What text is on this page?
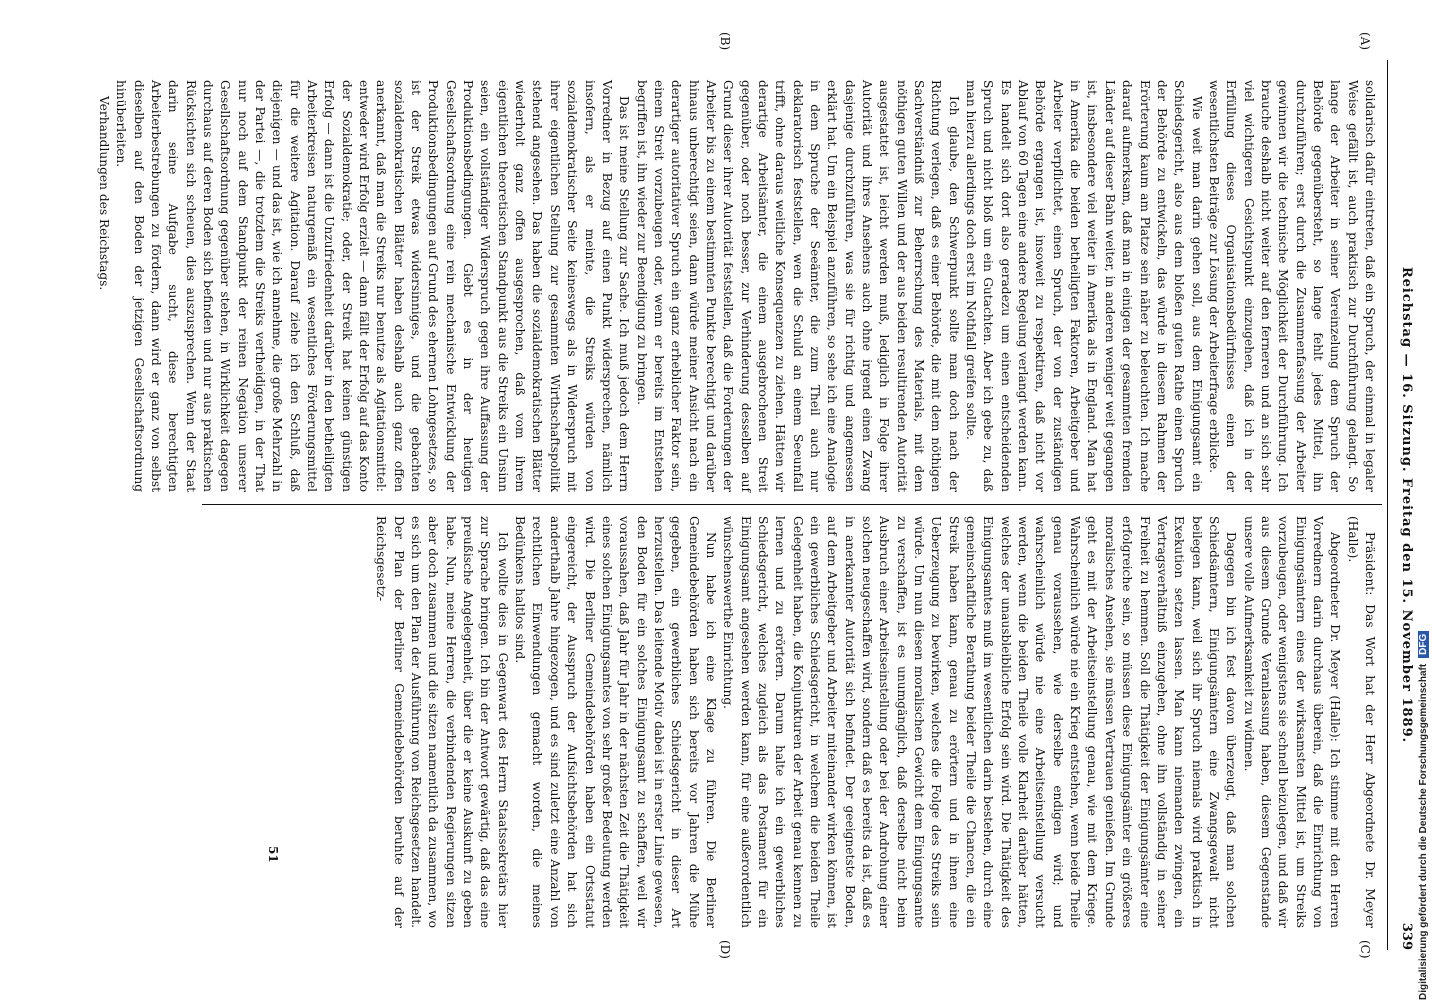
Reichstag — 16. Sitzung. Freitag den 15. November 1889.
339
(A)
(B)
(C)
(D)

solidarisch dafür eintreten, daß ein Spruch, der einmal in legaler Weise gefällt ist, auch praktisch zur Durchführung gelangt. So lange der Arbeiter in seiner Vereinzelung dem Spruch der Behörde gegenübersteht, so lange fehlt jedes Mittel, ihn durchzuführen; erst durch die Zusammenfassung der Arbeiter gewinnen wir die technische Möglichkeit der Durchführung. Ich brauche deshalb nicht weiter auf den ferneren und an sich sehr viel wichtigeren Gesichtspunkt einzugehen, daß ich in der Erfüllung dieses Organisationsbedürfnisses einen der wesentlichsten Beiträge zur Lösung der Arbeiterfrage erblicke.

Wie weit man darin gehen soll, aus dem Einigungsamt ein Schiedsgericht, also aus dem bloßen guten Rathe einen Spruch der Behörde zu entwickeln, das würde in diesem Rahmen der Erörterung kaum am Platze sein näher zu beleuchten. Ich mache darauf aufmerksam, daß man in einigen der gesammten fremden Länder auf dieser Bahn weiter, in anderen weniger weit gegangen ist, insbesondere viel weiter in Amerika als in England. Man hat in Amerika die beiden betheiligten Faktoren, Arbeitgeber und Arbeiter verpflichtet, einen Spruch, der von der zuständigen Behörde ergangen ist, insoweit zu respektiren, daß nicht vor Ablauf von 60 Tagen eine andere Regelung verlangt werden kann. Es handelt sich dort also geradezu um einen entscheidenden Spruch und nicht bloß um ein Gutachten. Aber ich gebe zu, daß man hierzu allerdings doch erst im Nothfall greifen sollte.

Ich glaube, den Schwerpunkt sollte man doch nach der Richtung verlegen, daß es einer Behörde, die mit dem nöthigen Sachverständniß zur Beherrschung des Materials, mit dem nöthigen guten Willen und der aus beiden resultirenden Autorität ausgestattet ist, leicht werden muß, lediglich in Folge ihrer Autorität und ihres Ansehens auch ohne irgend einen Zwang dasjenige durchzuführen, was sie für richtig und angemessen erklärt hat. Um ein Beispiel anzuführen, so sehe ich eine Analogie in dem Spruche der Seeämter, die zum Theil auch nur deklaratorisch feststellen, wen die Schuld an einem Seeunfall trifft, ohne daraus weitliche Konsequenzen zu ziehen. Hätten wir derartige Arbeitsämter, die einem ausgebrochenen Streit gegenüber, oder noch besser, zur Verhinderung desselben auf Grund dieser ihrer Autorität feststellen, daß die Forderungen der Arbeiter bis zu einem bestimmten Punkte berechtigt und darüber hinaus unberechtigt seien, dann würde meiner Ansicht nach ein derartiger autoritativer Spruch ein ganz erheblicher Faktor sein, einem Streit vorzubeugen oder, wenn er bereits im Entstehen begriffen ist, ihn wieder zur Beendigung zu bringen.

Das ist meine Stellung zur Sache. Ich muß jedoch dem Herrn Vorredner in Bezug auf einen Punkt widersprechen, nämlich insofern, als er meinte, die Streiks würden von sozialdemokratischer Seite keineswegs als in Widerspruch mit ihrer eigentlichen Stellung zur gesammten Wirthschaftspolitik stehend angesehen. Das haben die sozialdemokratischen Blätter wiederholt ganz offen ausgesprochen, daß vom ihrem eigentlichen theoretischen Standpunkt aus die Streiks ein Unsinn seien, ein vollständiger Widerspruch gegen ihre Auffassung der Produktionsbedingungen. Giebt es in der heutigen Gesellschaftsordnung eine rein mechanische Entwicklung der Produktionsbedingungen auf Grund des ehernen Lohngesetzes, so ist der Streik etwas widersinniges, und die gebachten sozialdemokratischen Blätter haben deshalb auch ganz offen anerkannt, daß man die Streiks nur benutze als Agitationsmittel: entweder wird Erfolg erzielt — dann fällt der Erfolg auf das Konto der Sozialdemokratie; oder, der Streik hat keinen günstigen Erfolg — dann ist die Unzufriedenheit darüber in den betheiligten Arbeiterkreisen naturgemäß ein wesentliches Förderungsmittel für die weitere Agitation. Darauf ziehe ich den Schluß, daß diejenigen — und das ist, wie ich annehme, die große Mehrzahl in der Partei —, die trotzdem die Streiks vertheidigen, in der That nur noch auf dem Standpunkt der reinen Negation unserer Gesellschaftsordnung gegenüber stehen, in Wirklichkeit dagegen durchaus auf deren Boden sich befinden und nur aus praktischen Rücksichten sich scheuen, dies auszusprechen. Wenn der Staat darin seine Aufgabe sucht, diese berechtigten Arbeiterbestrebungen zu fördern, dann wird er ganz von selbst dieselben auf den Boden der jetzigen Gesellschaftsordnung hinüberleiten.

Verhandlungen des Reichstags.

Präsident: Das Wort hat der Herr Abgeordnete Dr. Meyer (Halle).

Abgeordneter Dr. Meyer (Halle): Ich stimme mit den Herren Vorrednern darin durchaus überein, daß die Einrichtung von Einigungsämtern eines der wirksamsten Mittel ist, um Streiks vorzubeugen, oder wenigstens sie schnell beizulegen, und daß wir aus diesem Grunde Veranlassung haben, diesem Gegenstande unsere volle Aufmerksamkeit zu widmen.

Dagegen bin ich fest davon überzeugt, daß man solchen Schiedsämtern, Einigungsämtern eine Zwangsgewalt nicht beilegen kann, weil sich ihr Spruch niemals wird praktisch in Exekution setzen lassen. Man kann niemanden zwingen, ein Vertragsverhältniß einzugehen, ohne ihn vollständig in seiner Freiheit zu hemmen. Soll die Thätigkeit der Einigungsämter eine erfolgreiche sein, so müssen diese Einigungsämter ein größeres moralisches Ansehen, sie müssen Vertrauen genießen. Im Grunde geht es mit der Arbeitseinstellung genau, wie mit dem Kriege. Wahrscheinlich würde nie ein Krieg entstehen, wenn beide Theile genau voraussehen, wie derselbe endigen wird; und wahrscheinlich würde nie eine Arbeitseinstellung versucht werden, wenn die beiden Theile volle Klarheit darüber hätten, welches der unausbleibliche Erfolg sein wird. Die Thätigkeit des Einigungsamtes muß im wesentlichen darin bestehen, durch eine gemeinschaftliche Berathung beider Theile die Chancen, die ein Streik haben kann, genau zu erörtern und in ihnen eine Ueberzeugung zu bewirken, welches die Folge des Streiks sein würde. Um nun diesen moralischen Gewicht dem Einigungsamte zu verschaffen, ist es unumgänglich, daß derselbe nicht beim Ausbruch einer Arbeitseinstellung oder bei der Androhung einer solchen neugeschaffen wird, sondern daß es bereits da ist, daß es in anerkannter Autorität sich befindet. Der geeignetste Boden, auf dem Arbeitgeber und Arbeiter miteinander wirken können, ist ein gewerbliches Schiedsgericht, in welchem die beiden Theile Gelegenheit haben, die Konjunkturen der Arbeit genau kennen zu lernen und zu erörtern. Darum halte ich ein gewerbliches Schiedsgericht, welches zugleich als das Postament für ein Einigungsamt angesehen werden kann, für eine außerordentlich wünschenswerthe Einrichtung.

Nun habe ich eine Klage zu führen. Die Berliner Gemeindebehörden haben sich bereits vor Jahren die Mühe gegeben, ein gewerbliches Schiedsgericht in dieser Art herzustellen. Das leitende Motiv dabei ist in erster Linie gewesen, den Boden für ein solches Einigungsamt zu schaffen, weil wir voraussahen, daß Jahr für Jahr in der nächsten Zeit die Thätigkeit eines solchen Einigungsamtes von sehr großer Bedeutung werden wird. Die Berliner Gemeindebehörden haben ein Ortsstatut eingereicht, der Ausspruch der Aufsichtsbehörden hat sich anderthalb Jahre hingezogen, und es sind zuletzt eine Anzahl von rechtlichen Einwendungen gemacht worden, die meines Bedünkens haltlos sind.

Ich wollte dies in Gegenwart des Herrn Staatssekretärs hier zur Sprache bringen. Ich bin der Antwort gewärtig, daß das eine preußische Angelegenheit, über die er keine Auskunft zu geben habe. Nun, meine Herren, die verbindenden Regierungen sitzen aber doch zusammen und die sitzen namentlich da zusammen, wo es sich um den Plan der Ausführung von Reichsgesetzen handelt. Der Plan der Berliner Gemeindebehörden beruhte auf der Reichsgesetz-

51	Digitalisierung gefördert durch die Deutsche ForschungsgemeinschaftDFG
